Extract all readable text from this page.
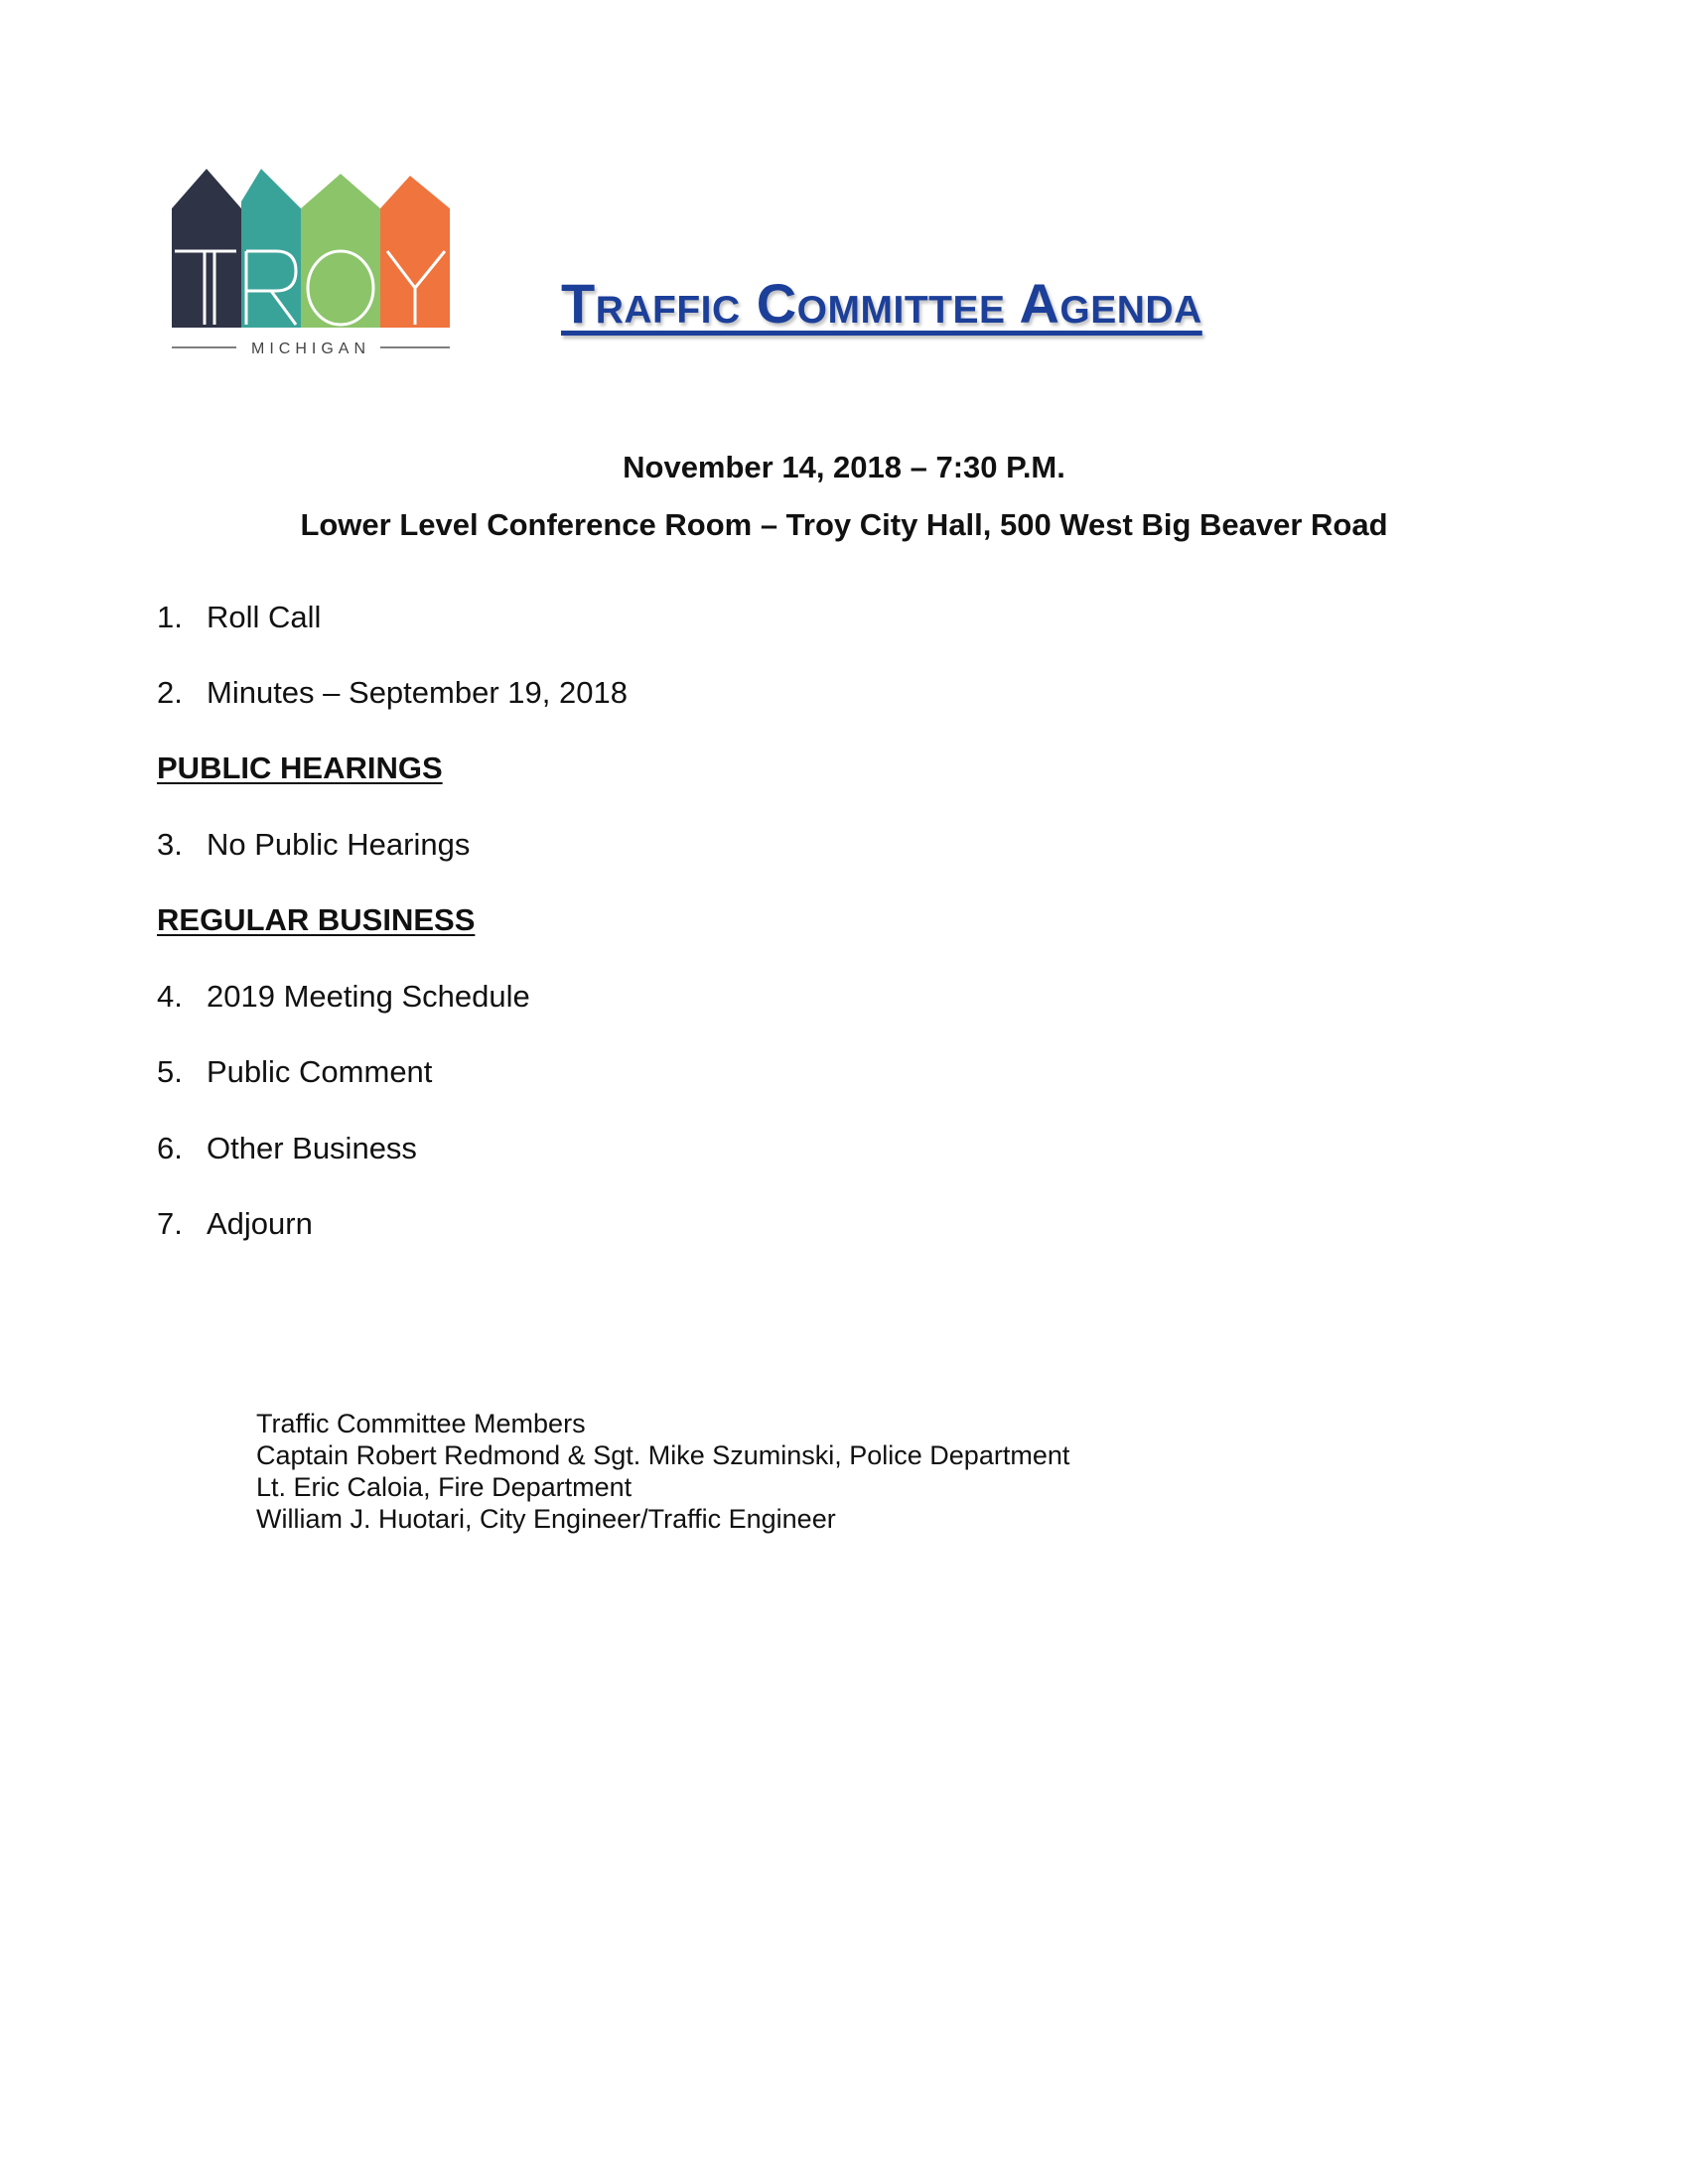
MICHIGAN
Traffic Committee Agenda
November 14, 2018 – 7:30 P.M.
Lower Level Conference Room – Troy City Hall, 500 West Big Beaver Road
1. Roll Call
2. Minutes – September 19, 2018
PUBLIC HEARINGS
3. No Public Hearings
REGULAR BUSINESS
4. 2019 Meeting Schedule
5. Public Comment
6. Other Business
7. Adjourn
Traffic Committee Members
Captain Robert Redmond & Sgt. Mike Szuminski, Police Department
Lt. Eric Caloia, Fire Department
William J. Huotari, City Engineer/Traffic Engineer
